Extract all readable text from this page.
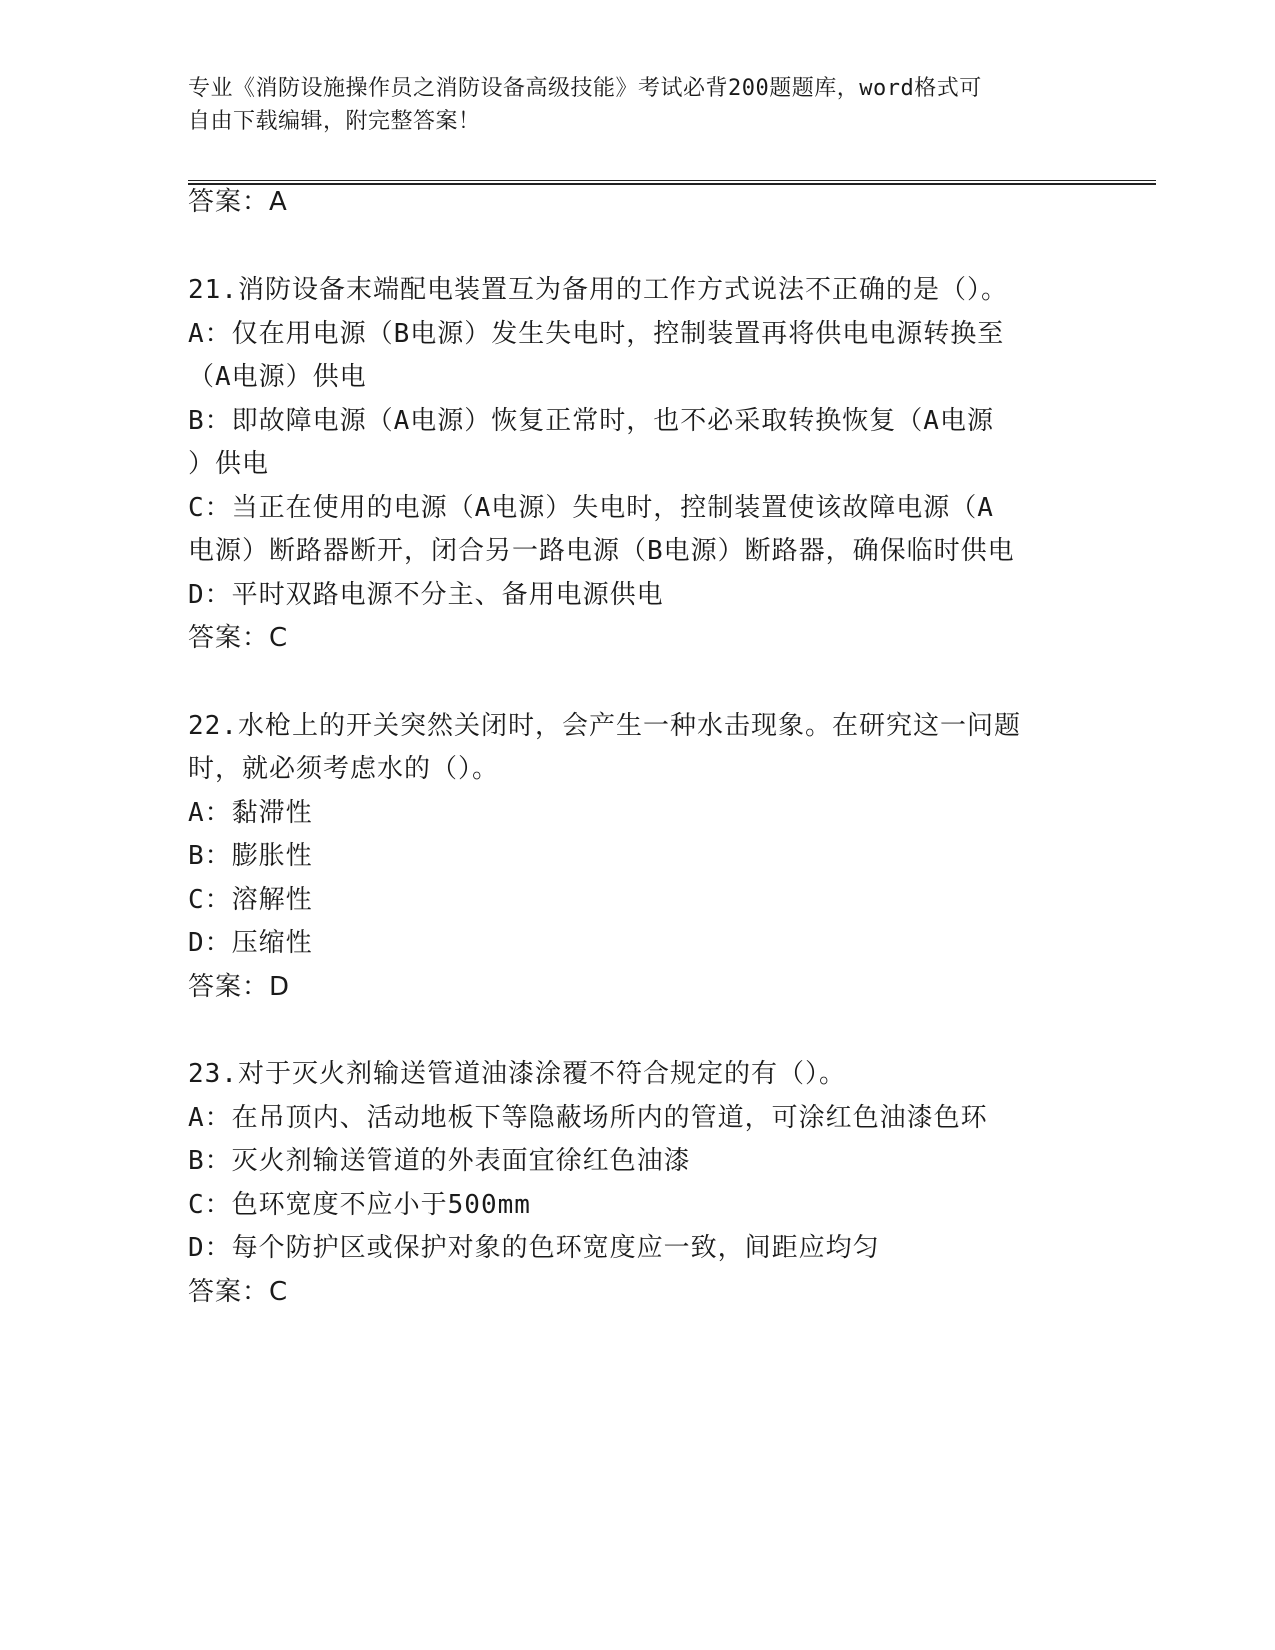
专业《消防设施操作员之消防设备高级技能》考试必背200题题库，word格式可
自由下载编辑，附完整答案！
答案：A
21.消防设备末端配电装置互为备用的工作方式说法不正确的是（）。
A：仅在用电源（B电源）发生失电时，控制装置再将供电电源转换至
（A电源）供电
B：即故障电源（A电源）恢复正常时，也不必采取转换恢复（A电源
）供电
C：当正在使用的电源（A电源）失电时，控制装置使该故障电源（A
电源）断路器断开，闭合另一路电源（B电源）断路器，确保临时供电
D：平时双路电源不分主、备用电源供电
答案：C
22.水枪上的开关突然关闭时，会产生一种水击现象。在研究这一问题
时，就必须考虑水的（）。
A：黏滞性
B：膨胀性
C：溶解性
D：压缩性
答案：D
23.对于灭火剂输送管道油漆涂覆不符合规定的有（）。
A：在吊顶内、活动地板下等隐蔽场所内的管道，可涂红色油漆色环
B：灭火剂输送管道的外表面宜徐红色油漆
C：色环宽度不应小于500mm
D：每个防护区或保护对象的色环宽度应一致，间距应均匀
答案：C
